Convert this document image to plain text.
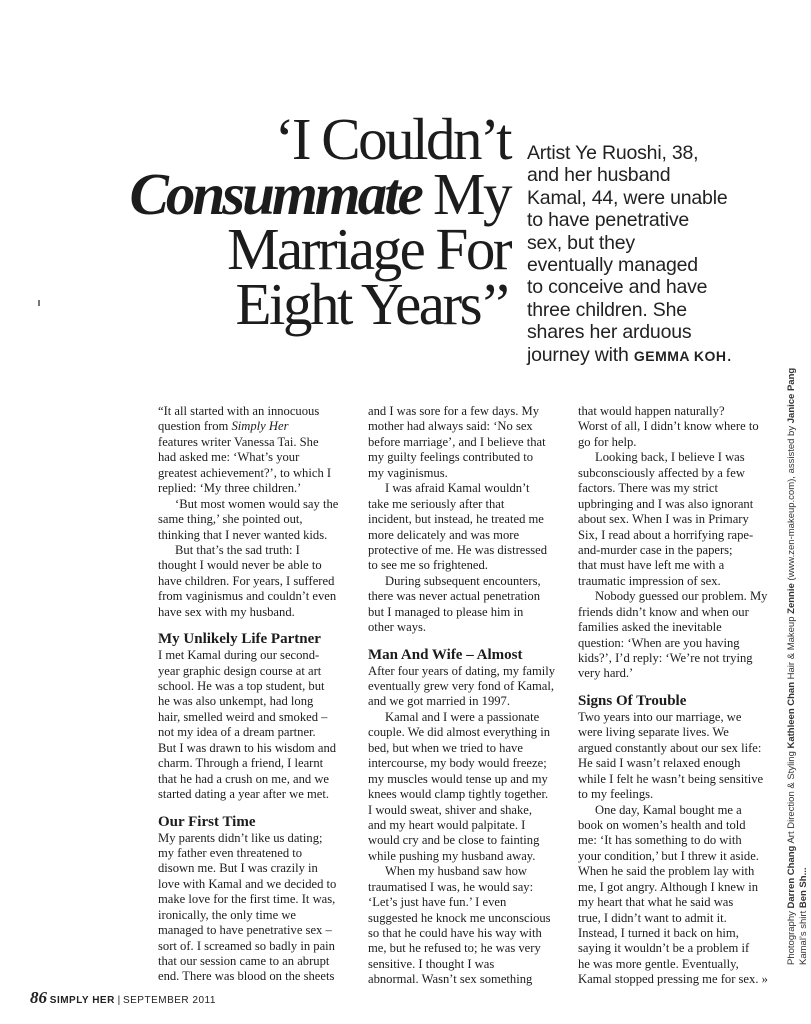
‘I Couldn’t
Consummate My
Marriage For
Eight Years’’
Artist Ye Ruoshi, 38,
and her husband
Kamal, 44, were unable
to have penetrative
sex, but they
eventually managed
to conceive and have
three children. She
shares her arduous
journey with GEMMA KOH.
“It all started with an innocuous
question from Simply Her
features writer Vanessa Tai. She
had asked me: ‘What’s your
greatest achievement?’, to which I
replied: ‘My three children.’
‘But most women would say the
same thing,’ she pointed out,
thinking that I never wanted kids.
But that’s the sad truth: I
thought I would never be able to
have children. For years, I suffered
from vaginismus and couldn’t even
have sex with my husband.
My Unlikely Life Partner
I met Kamal during our second-
year graphic design course at art
school. He was a top student, but
he was also unkempt, had long
hair, smelled weird and smoked –
not my idea of a dream partner.
But I was drawn to his wisdom and
charm. Through a friend, I learnt
that he had a crush on me, and we
started dating a year after we met.
Our First Time
My parents didn’t like us dating;
my father even threatened to
disown me. But I was crazily in
love with Kamal and we decided to
make love for the first time. It was,
ironically, the only time we
managed to have penetrative sex –
sort of. I screamed so badly in pain
that our session came to an abrupt
end. There was blood on the sheets
and I was sore for a few days. My
mother had always said: ‘No sex
before marriage’, and I believe that
my guilty feelings contributed to
my vaginismus.
I was afraid Kamal wouldn’t
take me seriously after that
incident, but instead, he treated me
more delicately and was more
protective of me. He was distressed
to see me so frightened.
During subsequent encounters,
there was never actual penetration
but I managed to please him in
other ways.
Man And Wife – Almost
After four years of dating, my family
eventually grew very fond of Kamal,
and we got married in 1997.
Kamal and I were a passionate
couple. We did almost everything in
bed, but when we tried to have
intercourse, my body would freeze;
my muscles would tense up and my
knees would clamp tightly together.
I would sweat, shiver and shake,
and my heart would palpitate. I
would cry and be close to fainting
while pushing my husband away.
When my husband saw how
traumatised I was, he would say:
‘Let’s just have fun.’ I even
suggested he knock me unconscious
so that he could have his way with
me, but he refused to; he was very
sensitive. I thought I was
abnormal. Wasn’t sex something
that would happen naturally?
Worst of all, I didn’t know where to
go for help.
Looking back, I believe I was
subconsciously affected by a few
factors. There was my strict
upbringing and I was also ignorant
about sex. When I was in Primary
Six, I read about a horrifying rape-
and-murder case in the papers;
that must have left me with a
traumatic impression of sex.
Nobody guessed our problem. My
friends didn’t know and when our
families asked the inevitable
question: ‘When are you having
kids?’, I’d reply: ‘We’re not trying
very hard.’
Signs Of Trouble
Two years into our marriage, we
were living separate lives. We
argued constantly about our sex life:
He said I wasn’t relaxed enough
while I felt he wasn’t being sensitive
to my feelings.
One day, Kamal bought me a
book on women’s health and told
me: ‘It has something to do with
your condition,’ but I threw it aside.
When he said the problem lay with
me, I got angry. Although I knew in
my heart that what he said was
true, I didn’t want to admit it.
Instead, I turned it back on him,
saying it wouldn’t be a problem if
he was more gentle. Eventually,
Kamal stopped pressing me for sex. »
86 SIMPLY HER | SEPTEMBER 2011
Photography Darren Chang Art Direction & Styling Kathleen Chan Hair & Makeup Zennie (www.zen-makeup.com), assisted by Janice Pang
Kamal’s shirt Ben Sh...
